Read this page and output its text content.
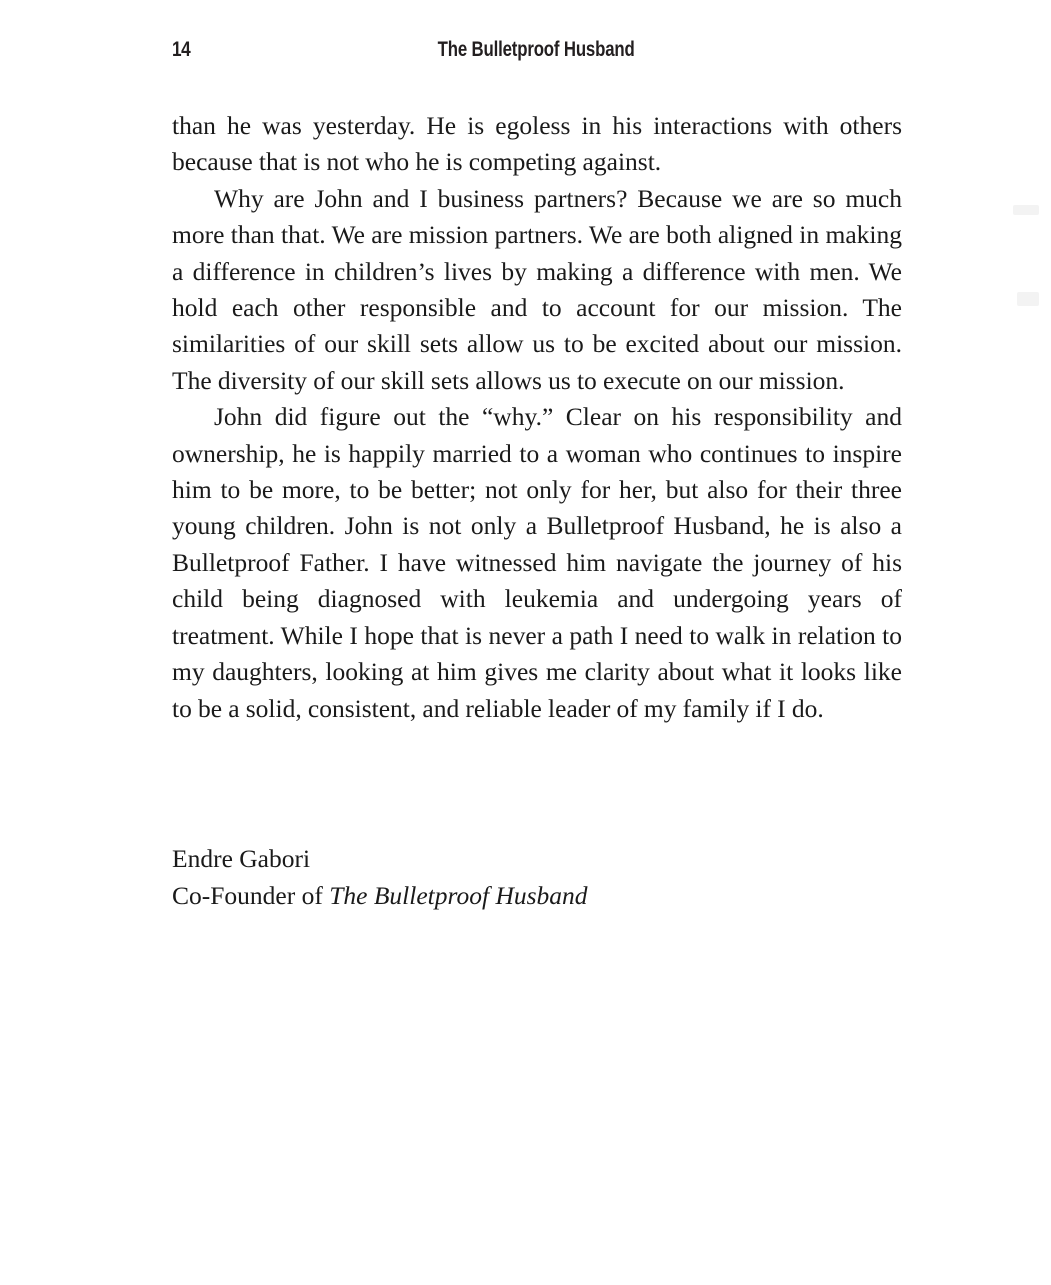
14	The Bulletproof Husband

than he was yesterday. He is egoless in his interactions with others because that is not who he is competing against.

Why are John and I business partners? Because we are so much more than that. We are mission partners. We are both aligned in making a difference in children’s lives by making a difference with men. We hold each other responsible and to account for our mission. The similarities of our skill sets allow us to be excited about our mission. The diversity of our skill sets allows us to execute on our mission.

John did figure out the “why.” Clear on his responsibility and ownership, he is happily married to a woman who continues to inspire him to be more, to be better; not only for her, but also for their three young children. John is not only a Bulletproof Husband, he is also a Bulletproof Father. I have witnessed him navigate the journey of his child being diagnosed with leukemia and undergoing years of treatment. While I hope that is never a path I need to walk in relation to my daughters, looking at him gives me clarity about what it looks like to be a solid, consistent, and reliable leader of my family if I do.

Endre Gabori

Co-Founder of The Bulletproof Husband
